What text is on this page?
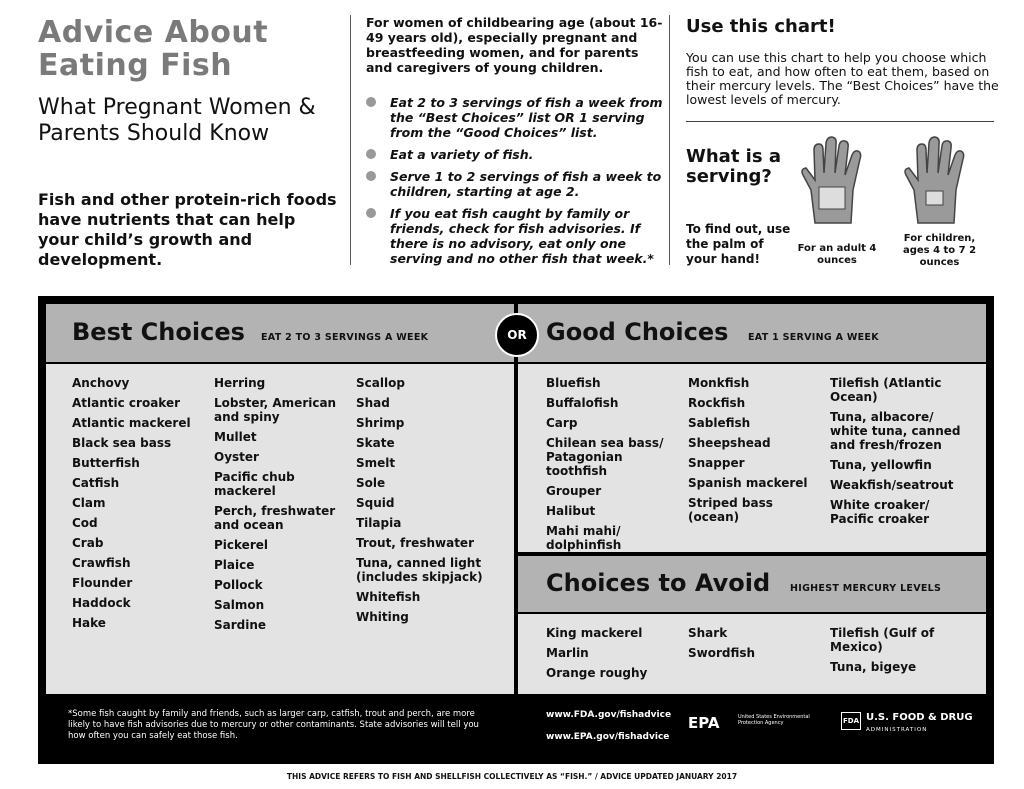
Advice About Eating Fish
What Pregnant Women & Parents Should Know
Fish and other protein-rich foods have nutrients that can help your child’s growth and development.
For women of childbearing age (about 16-49 years old), especially pregnant and breastfeeding women, and for parents and caregivers of young children.
Eat 2 to 3 servings of fish a week from the “Best Choices” list OR 1 serving from the “Good Choices” list.
Eat a variety of fish.
Serve 1 to 2 servings of fish a week to children, starting at age 2.
If you eat fish caught by family or friends, check for fish advisories. If there is no advisory, eat only one serving and no other fish that week.*
Use this chart!
You can use this chart to help you choose which fish to eat, and how often to eat them, based on their mercury levels. The “Best Choices” have the lowest levels of mercury.
What is a serving?
To find out, use the palm of your hand!
For an adult 4 ounces
For children, ages 4 to 7 2 ounces
Best Choices EAT 2 TO 3 SERVINGS A WEEK
Anchovy
Atlantic croaker
Atlantic mackerel
Black sea bass
Butterfish
Catfish
Clam
Cod
Crab
Crawfish
Flounder
Haddock
Hake
Herring
Lobster, American and spiny
Mullet
Oyster
Pacific chub mackerel
Perch, freshwater and ocean
Pickerel
Plaice
Pollock
Salmon
Sardine
Scallop
Shad
Shrimp
Skate
Smelt
Sole
Squid
Tilapia
Trout, freshwater
Tuna, canned light (includes skipjack)
Whitefish
Whiting
Good Choices EAT 1 SERVING A WEEK
Bluefish
Buffalofish
Carp
Chilean sea bass/ Patagonian toothfish
Grouper
Halibut
Mahi mahi/ dolphinfish
Monkfish
Rockfish
Sablefish
Sheepshead
Snapper
Spanish mackerel
Striped bass (ocean)
Tilefish (Atlantic Ocean)
Tuna, albacore/ white tuna, canned and fresh/frozen
Tuna, yellowfin
Weakfish/seatrout
White croaker/ Pacific croaker
Choices to Avoid HIGHEST MERCURY LEVELS
King mackerel
Marlin
Orange roughy
Shark
Swordfish
Tilefish (Gulf of Mexico)
Tuna, bigeye
OR
*Some fish caught by family and friends, such as larger carp, catfish, trout and perch, are more likely to have fish advisories due to mercury or other contaminants. State advisories will tell you how often you can safely eat those fish.
www.FDA.gov/fishadvice
www.EPA.gov/fishadvice
EPA	United States Environmental Protection Agency	FDA U.S. FOOD & DRUG
ADMINISTRATION
THIS ADVICE REFERS TO FISH AND SHELLFISH COLLECTIVELY AS “FISH.” / ADVICE UPDATED JANUARY 2017
